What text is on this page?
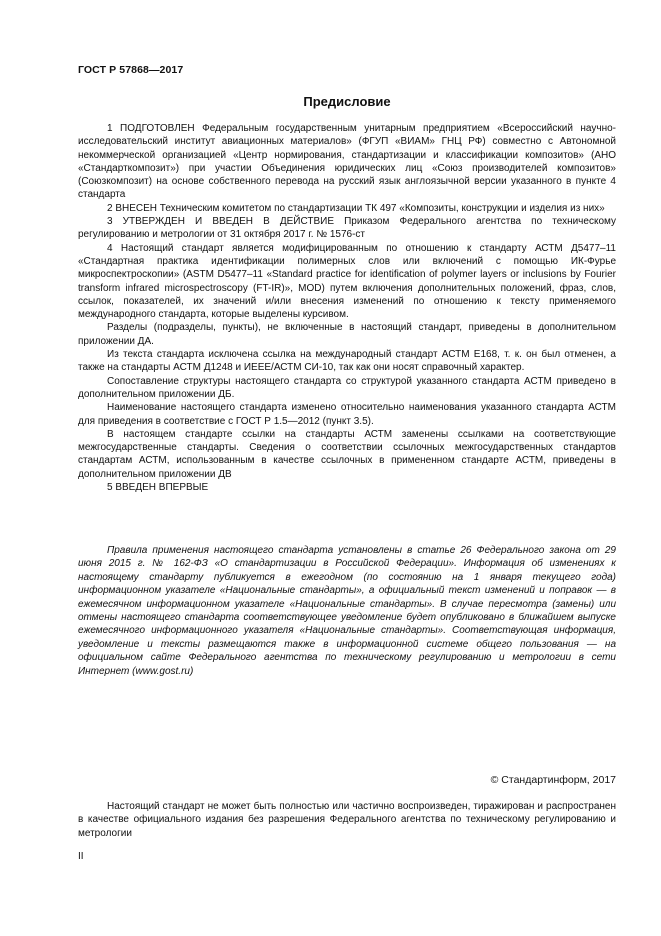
ГОСТ Р 57868—2017
Предисловие

1 ПОДГОТОВЛЕН Федеральным государственным унитарным предприятием «Всероссийский научно-исследовательский институт авиационных материалов» (ФГУП «ВИАМ» ГНЦ РФ) совместно с Автономной некоммерческой организацией «Центр нормирования, стандартизации и классификации композитов» (АНО «Стандарткомпозит») при участии Объединения юридических лиц «Союз производителей композитов» (Союзкомпозит) на основе собственного перевода на русский язык англоязычной версии указанного в пункте 4 стандарта

2 ВНЕСЕН Техническим комитетом по стандартизации ТК 497 «Композиты, конструкции и изделия из них»

3 УТВЕРЖДЕН И ВВЕДЕН В ДЕЙСТВИЕ Приказом Федерального агентства по техническому регулированию и метрологии от 31 октября 2017 г. № 1576-ст

4 Настоящий стандарт является модифицированным по отношению к стандарту АСТМ Д5477–11 «Стандартная практика идентификации полимерных слов или включений с помощью ИК-Фурье микроспектроскопии» (ASTM D5477–11 «Standard practice for identification of polymer layers or inclusions by Fourier transform infrared microspectroscopy (FT-IR)», MOD) путем включения дополнительных положений, фраз, слов, ссылок, показателей, их значений и/или внесения изменений по отношению к тексту применяемого международного стандарта, которые выделены курсивом.

Разделы (подразделы, пункты), не включенные в настоящий стандарт, приведены в дополнительном приложении ДА.

Из текста стандарта исключена ссылка на международный стандарт АСТМ Е168, т. к. он был отменен, а также на стандарты АСТМ Д1248 и ИЕЕЕ/АСТМ СИ-10, так как они носят справочный характер.

Сопоставление структуры настоящего стандарта со структурой указанного стандарта АСТМ приведено в дополнительном приложении ДБ.

Наименование настоящего стандарта изменено относительно наименования указанного стандарта АСТМ для приведения в соответствие с ГОСТ Р 1.5—2012 (пункт 3.5).

В настоящем стандарте ссылки на стандарты АСТМ заменены ссылками на соответствующие межгосударственные стандарты. Сведения о соответствии ссылочных межгосударственных стандартов стандартам АСТМ, использованным в качестве ссылочных в примененном стандарте АСТМ, приведены в дополнительном приложении ДВ

5 ВВЕДЕН ВПЕРВЫЕ

Правила применения настоящего стандарта установлены в статье 26 Федерального закона от 29 июня 2015 г. № 162-ФЗ «О стандартизации в Российской Федерации». Информация об изменениях к настоящему стандарту публикуется в ежегодном (по состоянию на 1 января текущего года) информационном указателе «Национальные стандарты», а официальный текст изменений и поправок — в ежемесячном информационном указателе «Национальные стандарты». В случае пересмотра (замены) или отмены настоящего стандарта соответствующее уведомление будет опубликовано в ближайшем выпуске ежемесячного информационного указателя «Национальные стандарты». Соответствующая информация, уведомление и тексты размещаются также в информационной системе общего пользования — на официальном сайте Федерального агентства по техническому регулированию и метрологии в сети Интернет (www.gost.ru)

© Стандартинформ, 2017

Настоящий стандарт не может быть полностью или частично воспроизведен, тиражирован и распространен в качестве официального издания без разрешения Федерального агентства по техническому регулированию и метрологии

II
